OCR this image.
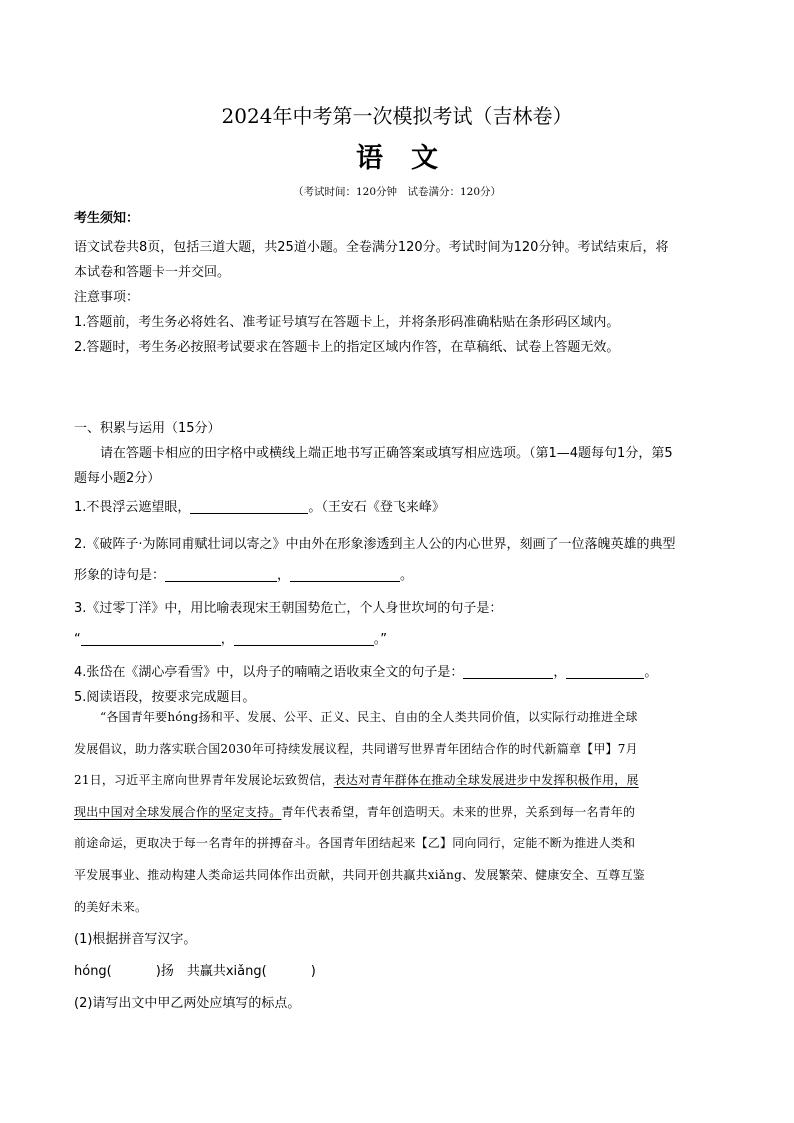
2024年中考第一次模拟考试（吉林卷）
语文
（考试时间：120分钟　试卷满分：120分）

考生须知：

语文试卷共8页，包括三道大题，共25道小题。全卷满分120分。考试时间为120分钟。考试结束后，将

本试卷和答题卡一并交回。

注意事项：

1.答题前，考生务必将姓名、准考证号填写在答题卡上，并将条形码准确粘贴在条形码区域内。

2.答题时，考生务必按照考试要求在答题卡上的指定区域内作答，在草稿纸、试卷上答题无效。

一、积累与运用（15分）

请在答题卡相应的田字格中或横线上端正地书写正确答案或填写相应选项。（第1—4题每句1分，第5

题每小题2分）

1.不畏浮云遮望眼，	。（王安石《登飞来峰》

2.《破阵子·为陈同甫赋壮词以寄之》中由外在形象渗透到主人公的内心世界，刻画了一位落魄英雄的典型

形象的诗句是：	，	。

3.《过零丁洋》中，用比喻表现宋王朝国势危亡，个人身世坎坷的句子是：

“	，	。”

4.张岱在《湖心亭看雪》中，以舟子的喃喃之语收束全文的句子是：	，	。

5.阅读语段，按要求完成题目。

“各国青年要hóng扬和平、发展、公平、正义、民主、自由的全人类共同价值，以实际行动推进全球

发展倡议，助力落实联合国2030年可持续发展议程，共同谱写世界青年团结合作的时代新篇章【甲】7月

21日，习近平主席向世界青年发展论坛致贺信，表达对青年群体在推动全球发展进步中发挥积极作用，展

现出中国对全球发展合作的坚定支持。青年代表希望，青年创造明天。未来的世界，关系到每一名青年的

前途命运，更取决于每一名青年的拼搏奋斗。各国青年团结起来【乙】同向同行，定能不断为推进人类和

平发展事业、推动构建人类命运共同体作出贡献，共同开创共赢共xiǎng、发展繁荣、健康安全、互尊互鉴

的美好未来。

(1)根据拼音写汉字。

hóng(	)扬　共赢共xiǎng(	)

(2)请写出文中甲乙两处应填写的标点。
